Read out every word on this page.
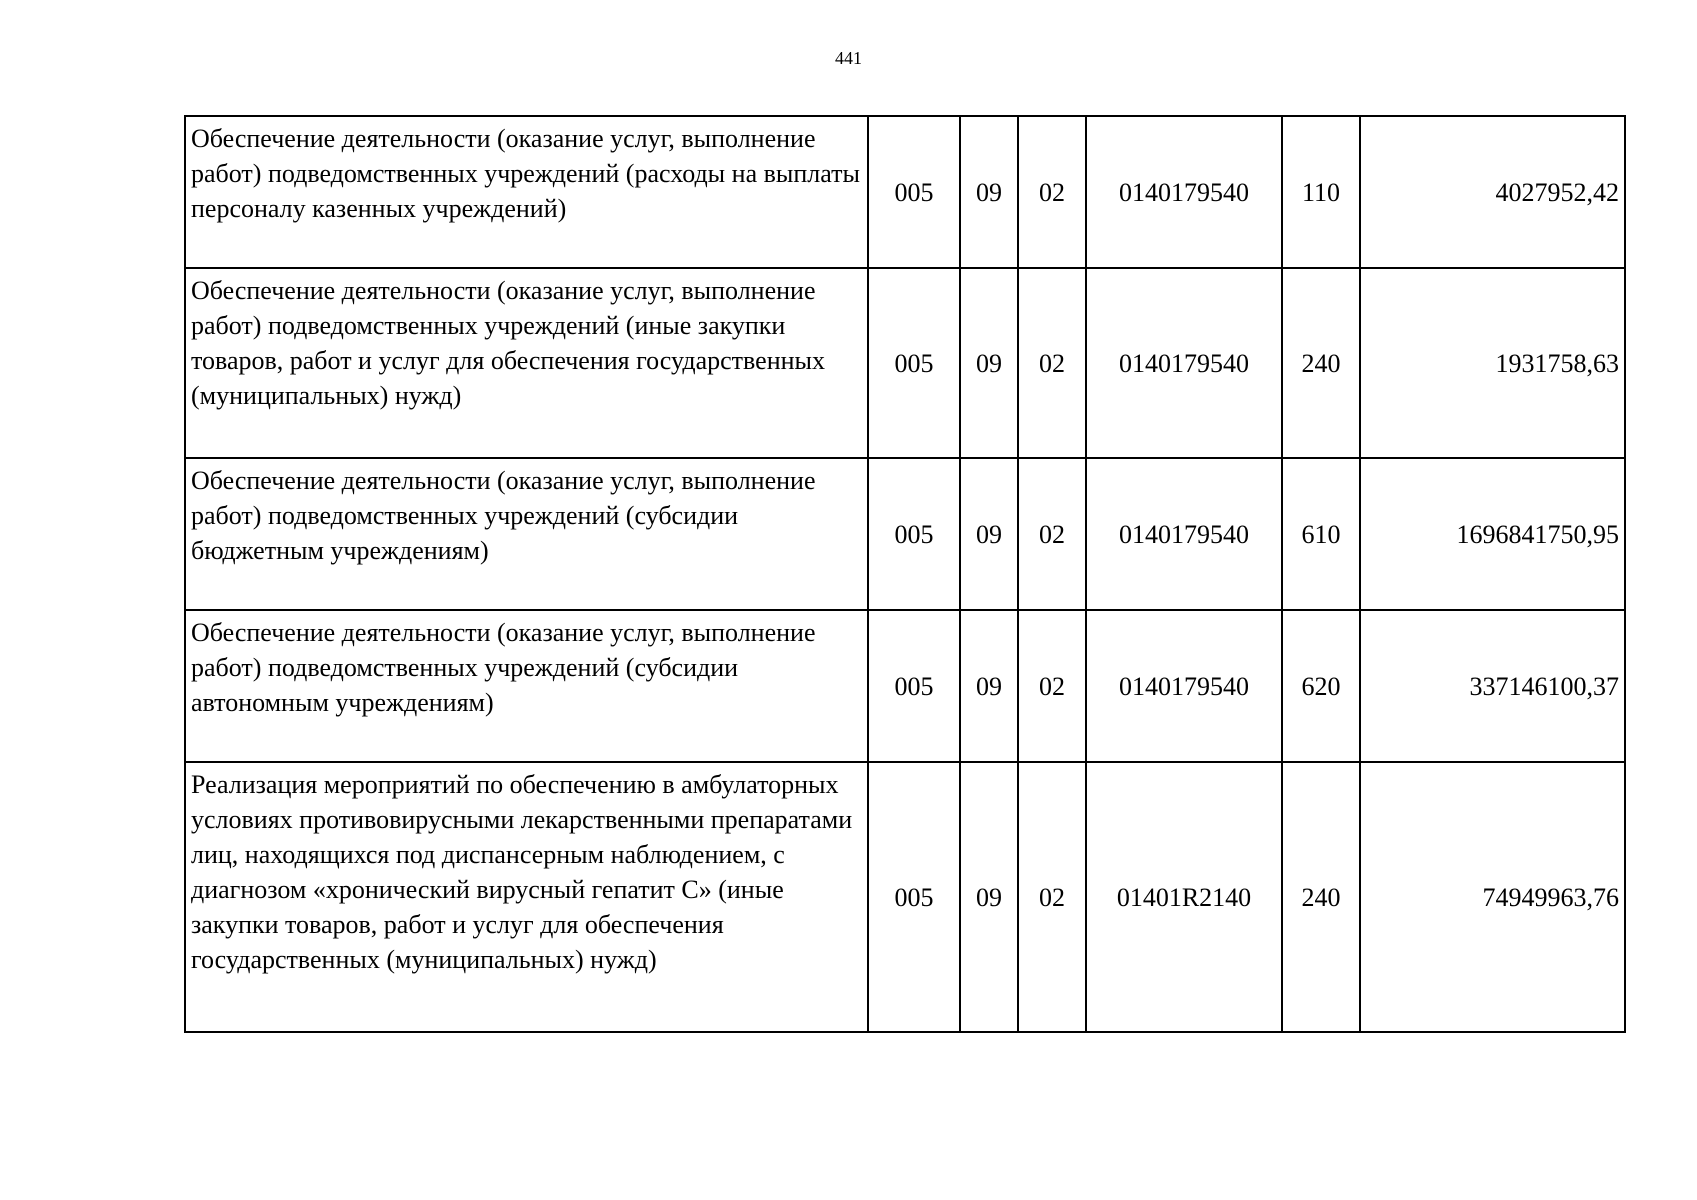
441
Обеспечение деятельности (оказание услуг, выполнение работ) подведомственных учреждений (расходы на выплаты персоналу казенных учреждений)	005	09	02	0140179540	110	4027952,42
Обеспечение деятельности (оказание услуг, выполнение работ) подведомственных учреждений (иные закупки товаров, работ и услуг для обеспечения государственных (муниципальных) нужд)	005	09	02	0140179540	240	1931758,63
Обеспечение деятельности (оказание услуг, выполнение работ) подведомственных учреждений (субсидии бюджетным учреждениям)	005	09	02	0140179540	610	1696841750,95
Обеспечение деятельности (оказание услуг, выполнение работ) подведомственных учреждений (субсидии автономным учреждениям)	005	09	02	0140179540	620	337146100,37
Реализация мероприятий по обеспечению в амбулаторных условиях противовирусными лекарственными препаратами лиц, находящихся под диспансерным наблюдением, с диагнозом «хронический вирусный гепатит С» (иные закупки товаров, работ и услуг для обеспечения государственных (муниципальных) нужд)	005	09	02	01401R2140	240	74949963,76
